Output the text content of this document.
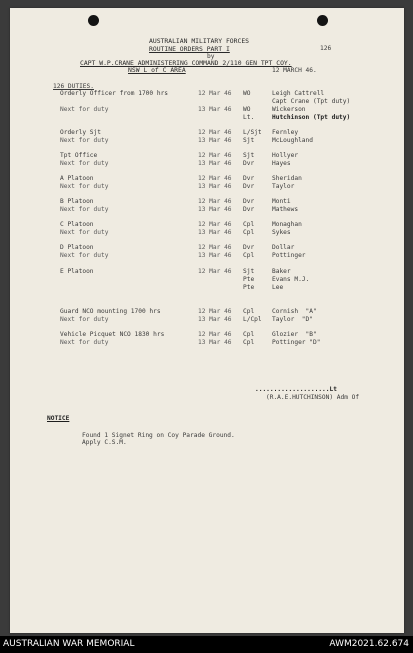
AUSTRALIAN MILITARY FORCES
ROUTINE ORDERS PART I	126
by
CAPT W.P.CRANE ADMINISTERING COMMAND 2/110 GEN TPT COY.
NSW L of C AREA	12 MARCH 46.
126 DUTIES.
Orderly Officer from 1700 hrs	12 Mar 46 WO	Leigh Cattrell
Capt Crane (Tpt duty)
Next for duty	13 Mar 46 WO	Wickerson
Lt.	Hutchinson (Tpt duty)
Orderly Sjt	12 Mar 46 L/Sjt Fernley
Next for duty	13 Mar 46 Sjt	McLoughland
Tpt Office	12 Mar 46 Sjt	Hollyer
Next for duty	13 Mar 46 Dvr	Hayes
A Platoon	12 Mar 46 Dvr	Sheridan
Next for duty	13 Mar 46 Dvr	Taylor
B Platoon	12 Mar 46 Dvr	Monti
Next for duty	13 Mar 46 Dvr	Mathews
C Platoon	12 Mar 46 Cpl	Monaghan
Next for duty	13 Mar 46 Cpl	Sykes
D Platoon	12 Mar 46 Dvr	Dollar
Next for duty	13 Mar 46 Cpl	Pottinger
E Platoon	12 Mar 46 Sjt	Baker
Pte	Evans M.J.
Pte	Lee
Guard NCO mounting 1700 hrs	12 Mar 46 Cpl	Cornish  "A"
Next for duty	13 Mar 46 L/Cpl Taylor  "D"
Vehicle Picquet NCO 1830 hrs	12 Mar 46 Cpl	Glozier  "B"
Next for duty	13 Mar 46 Cpl	Pottinger "D"
....................Lt
(R.A.E.HUTCHINSON) Adm Of
NOTICE
Found 1 Signet Ring on Coy Parade Ground.
Apply C.S.M.
AUSTRALIAN WAR MEMORIAL	AWM2021.62.674
